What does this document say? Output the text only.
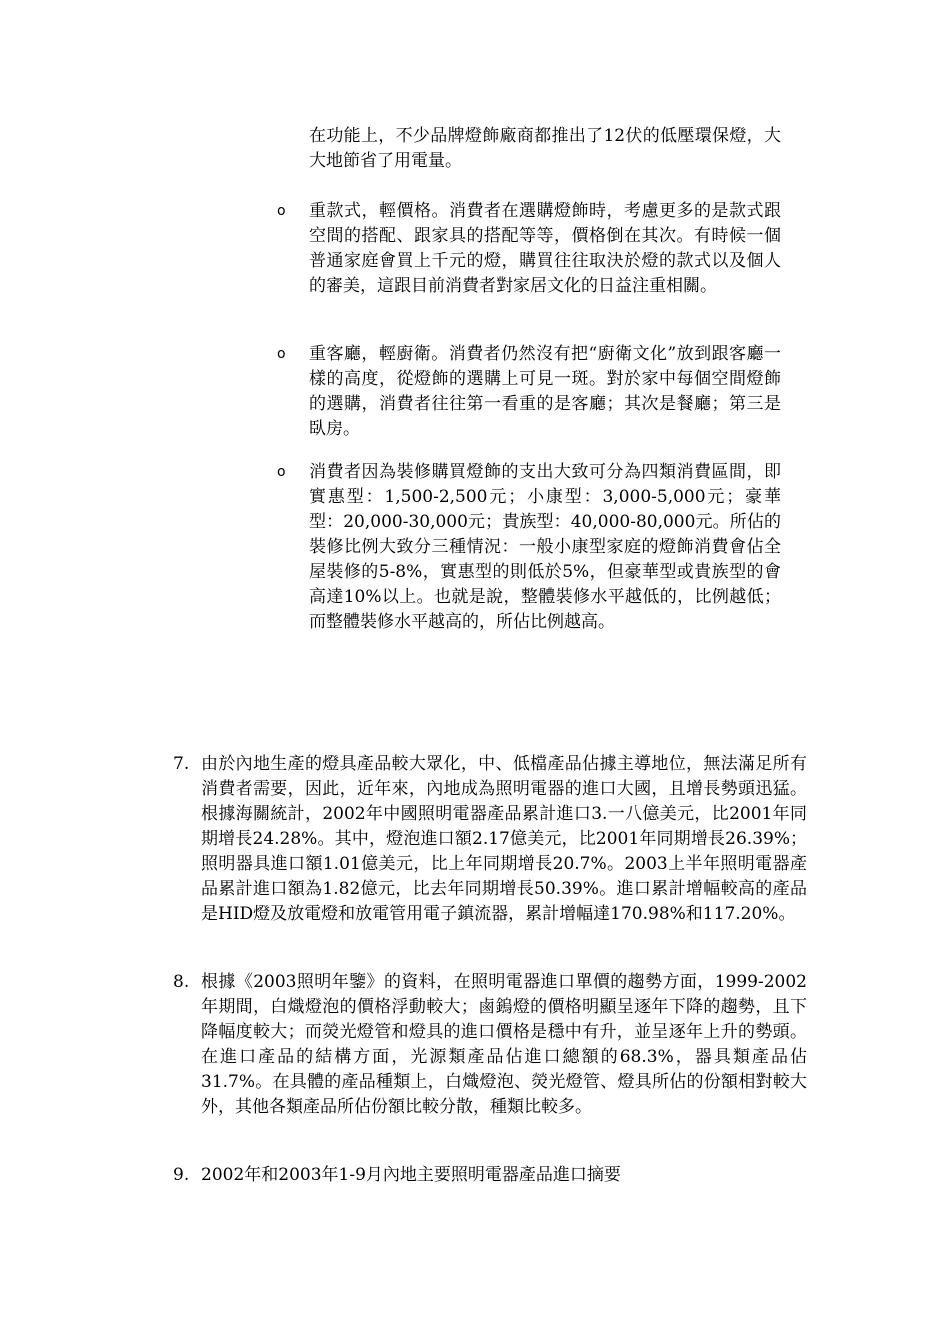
在功能上，不少品牌燈飾廠商都推出了12伏的低壓環保燈，大大地節省了用電量。
o	重款式，輕價格。消費者在選購燈飾時，考慮更多的是款式跟空間的搭配、跟家具的搭配等等，價格倒在其次。有時候一個普通家庭會買上千元的燈，購買往往取決於燈的款式以及個人的審美，這跟目前消費者對家居文化的日益注重相關。
o	重客廳，輕廚衛。消費者仍然沒有把“廚衛文化”放到跟客廳一樣的高度，從燈飾的選購上可見一斑。對於家中每個空間燈飾的選購，消費者往往第一看重的是客廳；其次是餐廳；第三是臥房。
o	消費者因為裝修購買燈飾的支出大致可分為四類消費區間，即實惠型：1,500-2,500元；小康型：3,000-5,000元；豪華型：20,000-30,000元；貴族型：40,000-80,000元。所佔的裝修比例大致分三種情況：一般小康型家庭的燈飾消費會佔全屋裝修的5-8%，實惠型的則低於5%，但豪華型或貴族型的會高達10%以上。也就是說，整體裝修水平越低的，比例越低；而整體裝修水平越高的，所佔比例越高。
7. 由於內地生產的燈具產品較大眾化，中、低檔產品佔據主導地位，無法滿足所有消費者需要，因此，近年來，內地成為照明電器的進口大國，且增長勢頭迅猛。根據海關統計，2002年中國照明電器產品累計進口3.一八億美元，比2001年同期增長24.28%。其中，燈泡進口額2.17億美元，比2001年同期增長26.39%；照明器具進口額1.01億美元，比上年同期增長20.7%。2003上半年照明電器產品累計進口額為1.82億元，比去年同期增長50.39%。進口累計增幅較高的產品是HID燈及放電燈和放電管用電子鎮流器，累計增幅達170.98%和117.20%。
8. 根據《2003照明年鑒》的資料，在照明電器進口單價的趨勢方面，1999-2002年期間，白熾燈泡的價格浮動較大；鹵鎢燈的價格明顯呈逐年下降的趨勢，且下降幅度較大；而熒光燈管和燈具的進口價格是穩中有升，並呈逐年上升的勢頭。在進口產品的結構方面，光源類產品佔進口總額的68.3%，器具類產品佔31.7%。在具體的產品種類上，白熾燈泡、熒光燈管、燈具所佔的份額相對較大外，其他各類產品所佔份額比較分散，種類比較多。
9. 2002年和2003年1-9月內地主要照明電器產品進口摘要
